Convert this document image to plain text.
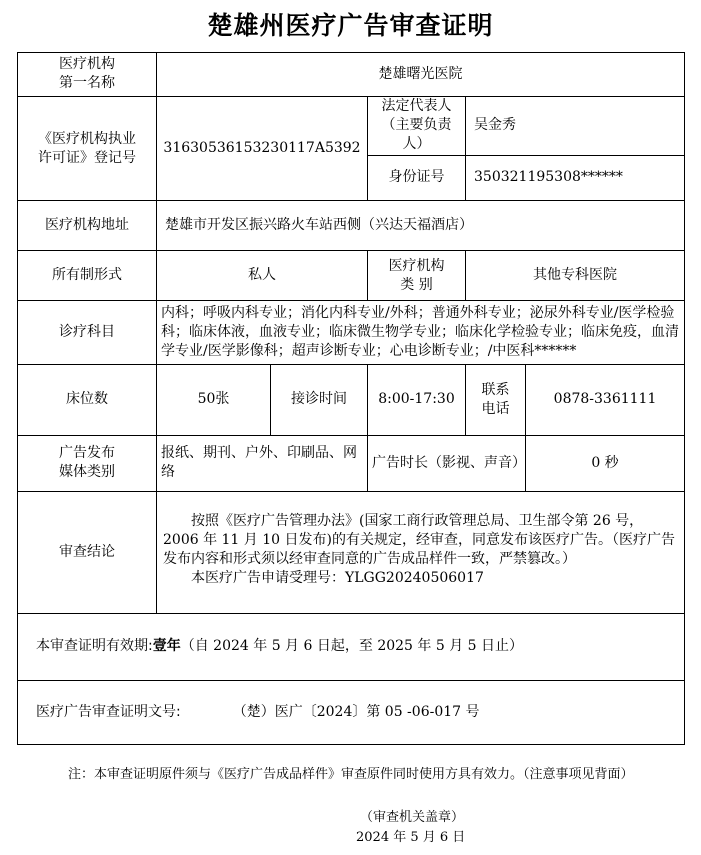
楚雄州医疗广告审查证明
医疗机构
第一名称	楚雄曙光医院				
《医疗机构执业
许可证》登记号	31630536153230117A5392		法定代表人
（主要负责人）	吴金秀	
			身份证号	350321195308******	
医疗机构地址	楚雄市开发区振兴路火车站西侧（兴达天福酒店）				
所有制形式	私人		医疗机构
类 别	其他专科医院	
诊疗科目	内科；呼吸内科专业；消化内科专业/外科；普通外科专业；泌尿外科专业/医学检验科；临床体液，血液专业；临床微生物学专业；临床化学检验专业；临床免疫，血清学专业/医学影像科；超声诊断专业；心电诊断专业；/中医科******				
床位数	50张	接诊时间	8:00-17:30	联系
电话	0878-3361111
广告发布
媒体类别	报纸、期刊、户外、印刷品、网络		广告时长（影视、声音）		0 秒
审查结论	按照《医疗广告管理办法》(国家工商行政管理总局、卫生部令第 26 号，2006 年 11 月 10 日发布)的有关规定，经审查，同意发布该医疗广告。（医疗广告发布内容和形式须以经审查同意的广告成品样件一致，严禁篡改。）

本医疗广告申请受理号：YLGG20240506017				

本审查证明有效期:壹年（自 2024 年 5 月 6 日起，至 2025 年 5 月 5 日止）					
医疗广告审查证明文号: （楚）医广〔2024〕第 05 -06-017 号					
注：本审查证明原件须与《医疗广告成品样件》审查原件同时使用方具有效力。（注意事项见背面）
（审查机关盖章）
2024 年 5 月 6 日
